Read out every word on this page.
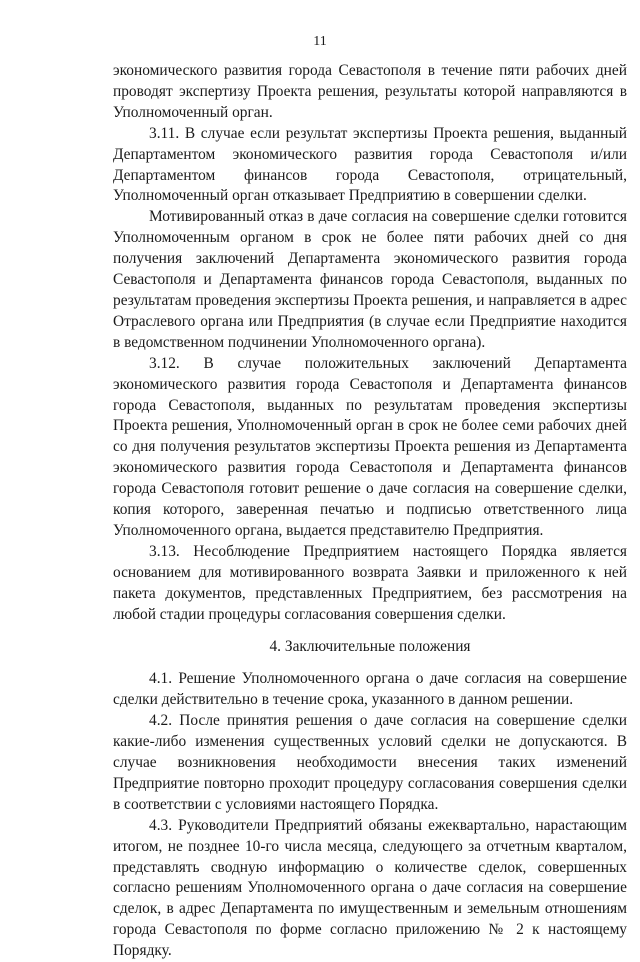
11

экономического развития города Севастополя в течение пяти рабочих дней проводят экспертизу Проекта решения, результаты которой направляются в Уполномоченный орган.

3.11. В случае если результат экспертизы Проекта решения, выданный Департаментом экономического развития города Севастополя и/или Департаментом финансов города Севастополя, отрицательный, Уполномоченный орган отказывает Предприятию в совершении сделки.

Мотивированный отказ в даче согласия на совершение сделки готовится Уполномоченным органом в срок не более пяти рабочих дней со дня получения заключений Департамента экономического развития города Севастополя и Департамента финансов города Севастополя, выданных по результатам проведения экспертизы Проекта решения, и направляется в адрес Отраслевого органа или Предприятия (в случае если Предприятие находится в ведомственном подчинении Уполномоченного органа).

3.12. В случае положительных заключений Департамента экономического развития города Севастополя и Департамента финансов города Севастополя, выданных по результатам проведения экспертизы Проекта решения, Уполномоченный орган в срок не более семи рабочих дней со дня получения результатов экспертизы Проекта решения из Департамента экономического развития города Севастополя и Департамента финансов города Севастополя готовит решение о даче согласия на совершение сделки, копия которого, заверенная печатью и подписью ответственного лица Уполномоченного органа, выдается представителю Предприятия.

3.13. Несоблюдение Предприятием настоящего Порядка является основанием для мотивированного возврата Заявки и приложенного к ней пакета документов, представленных Предприятием, без рассмотрения на любой стадии процедуры согласования совершения сделки.

4. Заключительные положения

4.1. Решение Уполномоченного органа о даче согласия на совершение сделки действительно в течение срока, указанного в данном решении.

4.2. После принятия решения о даче согласия на совершение сделки какие-либо изменения существенных условий сделки не допускаются. В случае возникновения необходимости внесения таких изменений Предприятие повторно проходит процедуру согласования совершения сделки в соответствии с условиями настоящего Порядка.

4.3. Руководители Предприятий обязаны ежеквартально, нарастающим итогом, не позднее 10-го числа месяца, следующего за отчетным кварталом, представлять сводную информацию о количестве сделок, совершенных согласно решениям Уполномоченного органа о даче согласия на совершение сделок, в адрес Департамента по имущественным и земельным отношениям города Севастополя по форме согласно приложению № 2 к настоящему Порядку.
